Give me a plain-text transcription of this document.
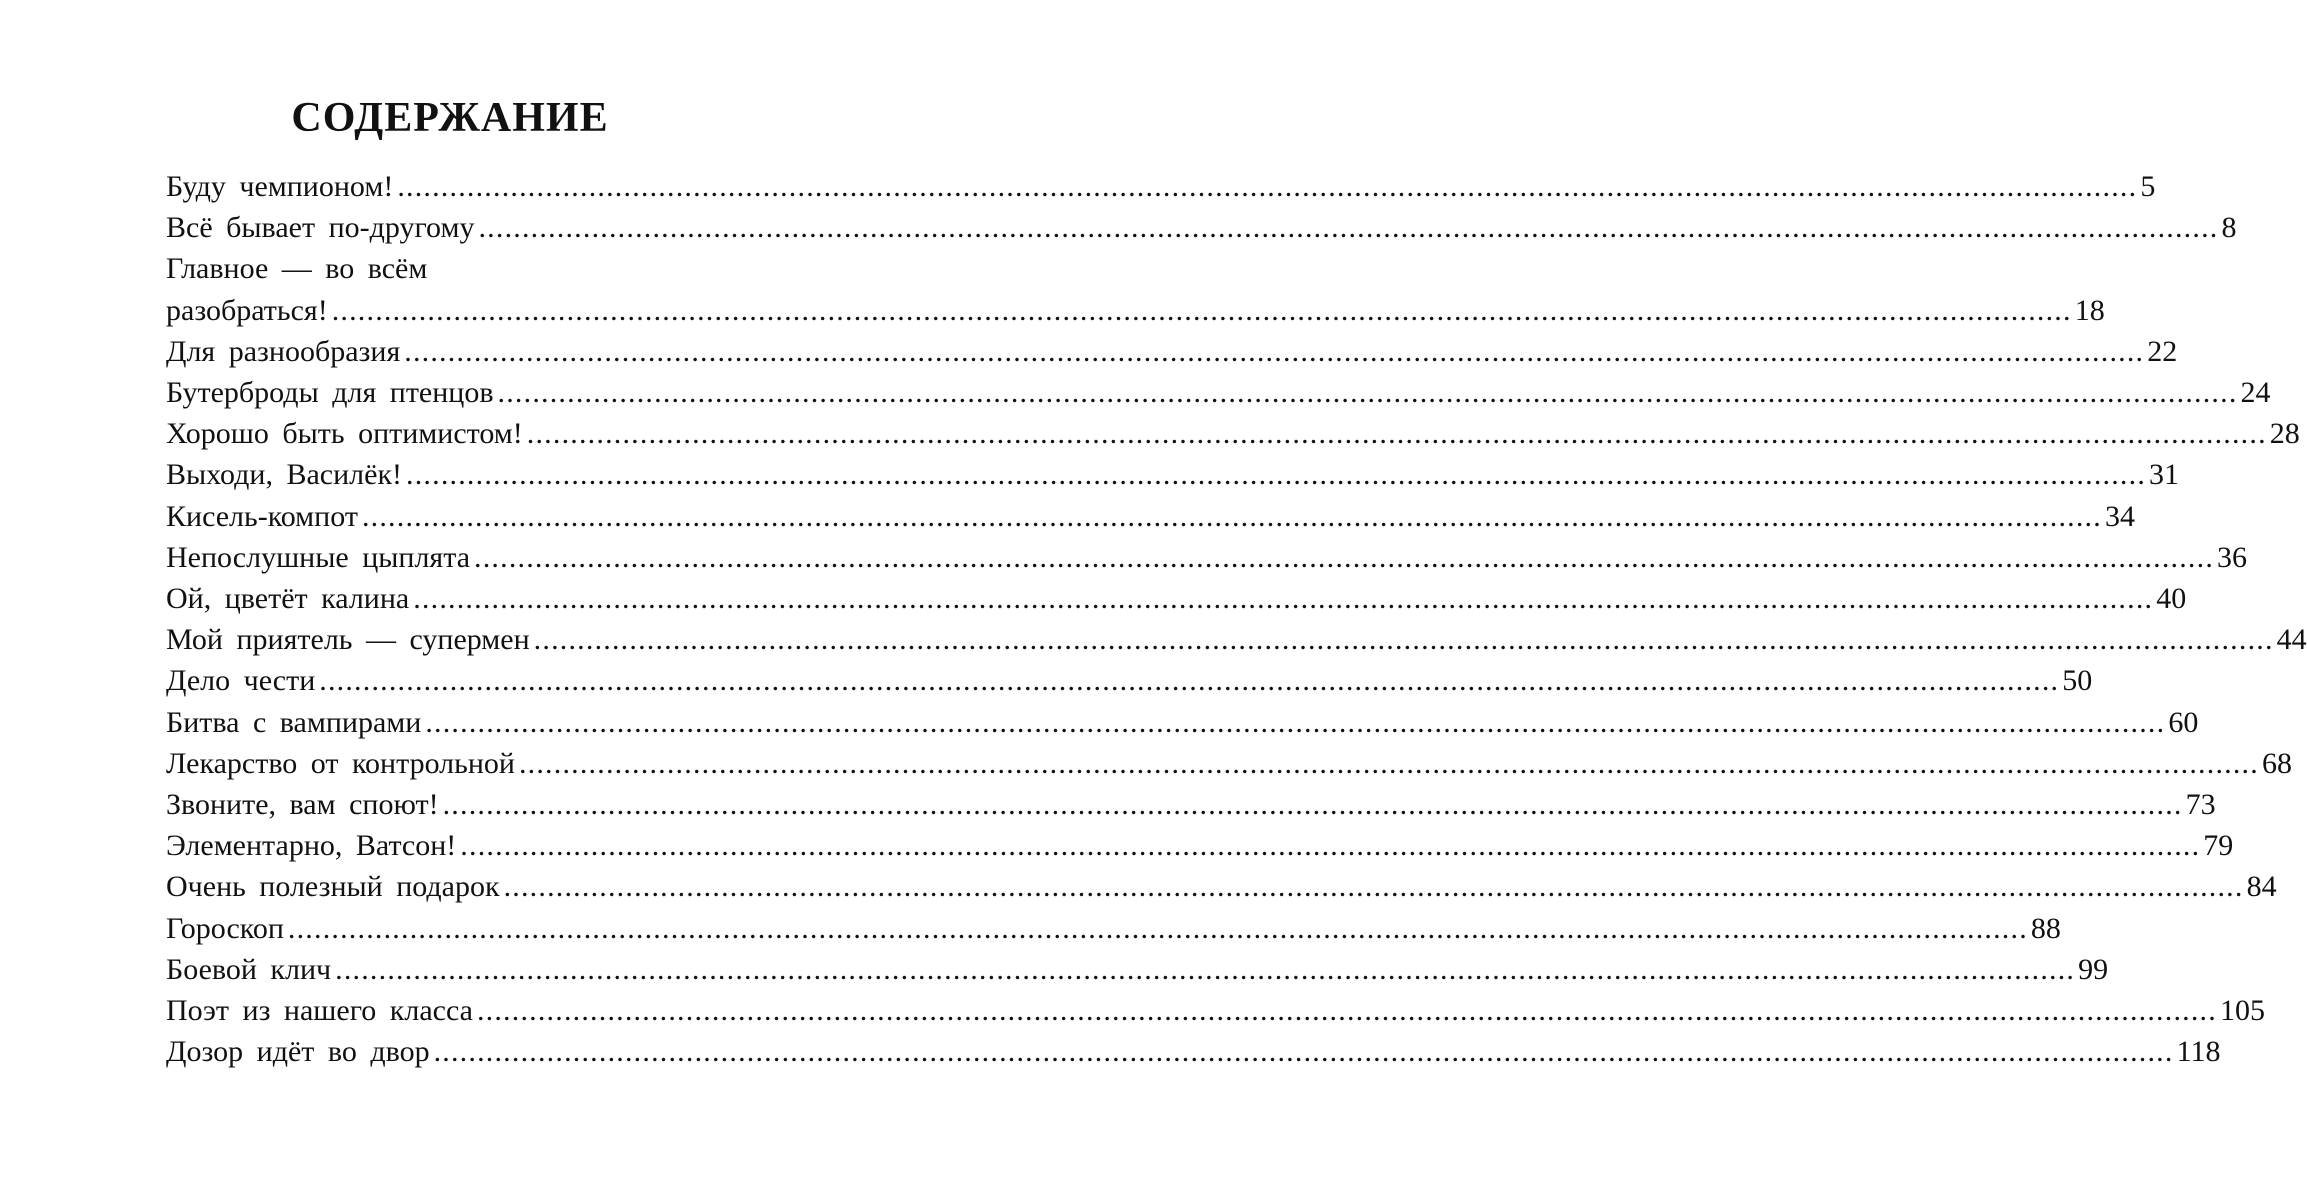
СОДЕРЖАНИЕ
Буду чемпионом! ........................................................................................................................................................................................................ 5
Всё бывает по-другому ........................................................................................................................................................................................................ 8
Главное — во всём
разобраться! ........................................................................................................................................................................................................ 18
Для разнообразия ........................................................................................................................................................................................................ 22
Бутерброды для птенцов ........................................................................................................................................................................................................ 24
Хорошо быть оптимистом! ........................................................................................................................................................................................................ 28
Выходи, Василёк! ........................................................................................................................................................................................................ 31
Кисель-компот ........................................................................................................................................................................................................ 34
Непослушные цыплята ........................................................................................................................................................................................................ 36
Ой, цветёт калина ........................................................................................................................................................................................................ 40
Мой приятель — супермен ........................................................................................................................................................................................................ 44
Дело чести ........................................................................................................................................................................................................ 50
Битва с вампирами ........................................................................................................................................................................................................ 60
Лекарство от контрольной ........................................................................................................................................................................................................ 68
Звоните, вам споют! ........................................................................................................................................................................................................ 73
Элементарно, Ватсон! ........................................................................................................................................................................................................ 79
Очень полезный подарок ........................................................................................................................................................................................................ 84
Гороскоп ........................................................................................................................................................................................................ 88
Боевой клич ........................................................................................................................................................................................................ 99
Поэт из нашего класса ........................................................................................................................................................................................................ 105
Дозор идёт во двор ........................................................................................................................................................................................................ 118
